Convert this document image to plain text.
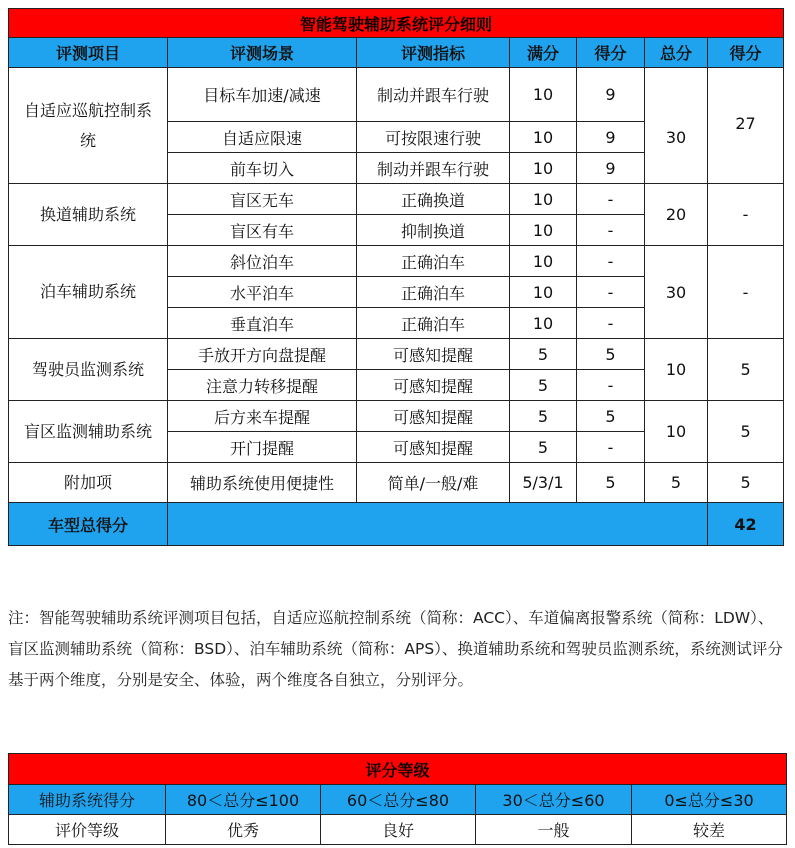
智能驾驶辅助系统评分细则						
评测项目	评测场景	评测指标	满分	得分	总分	得分
自适应巡航控制系统	目标车加速/减速	制动并跟车行驶	10	9	30	27
	自适应限速	可按限速行驶	10	9		
	前车切入	制动并跟车行驶	10	9		
换道辅助系统	盲区无车	正确换道	10	-	20	-
	盲区有车	抑制换道	10	-		
泊车辅助系统	斜位泊车	正确泊车	10	-	30	-
	水平泊车	正确泊车	10	-		
	垂直泊车	正确泊车	10	-		
驾驶员监测系统	手放开方向盘提醒	可感知提醒	5	5	10	5
	注意力转移提醒	可感知提醒	5	-		
盲区监测辅助系统	后方来车提醒	可感知提醒	5	5	10	5
	开门提醒	可感知提醒	5	-		
附加项	辅助系统使用便捷性	简单/一般/难	5/3/1	5	5	5
车型总得分						42
注：智能驾驶辅助系统评测项目包括，自适应巡航控制系统（简称：ACC）、车道偏离报警系统（简称：LDW）、盲区监测辅助系统（简称：BSD）、泊车辅助系统（简称：APS）、换道辅助系统和驾驶员监测系统，系统测试评分基于两个维度，分别是安全、体验，两个维度各自独立，分别评分。
评分等级				
辅助系统得分	80＜总分≤100	60＜总分≤80	30＜总分≤60	0≤总分≤30
评价等级	优秀	良好	一般	较差
